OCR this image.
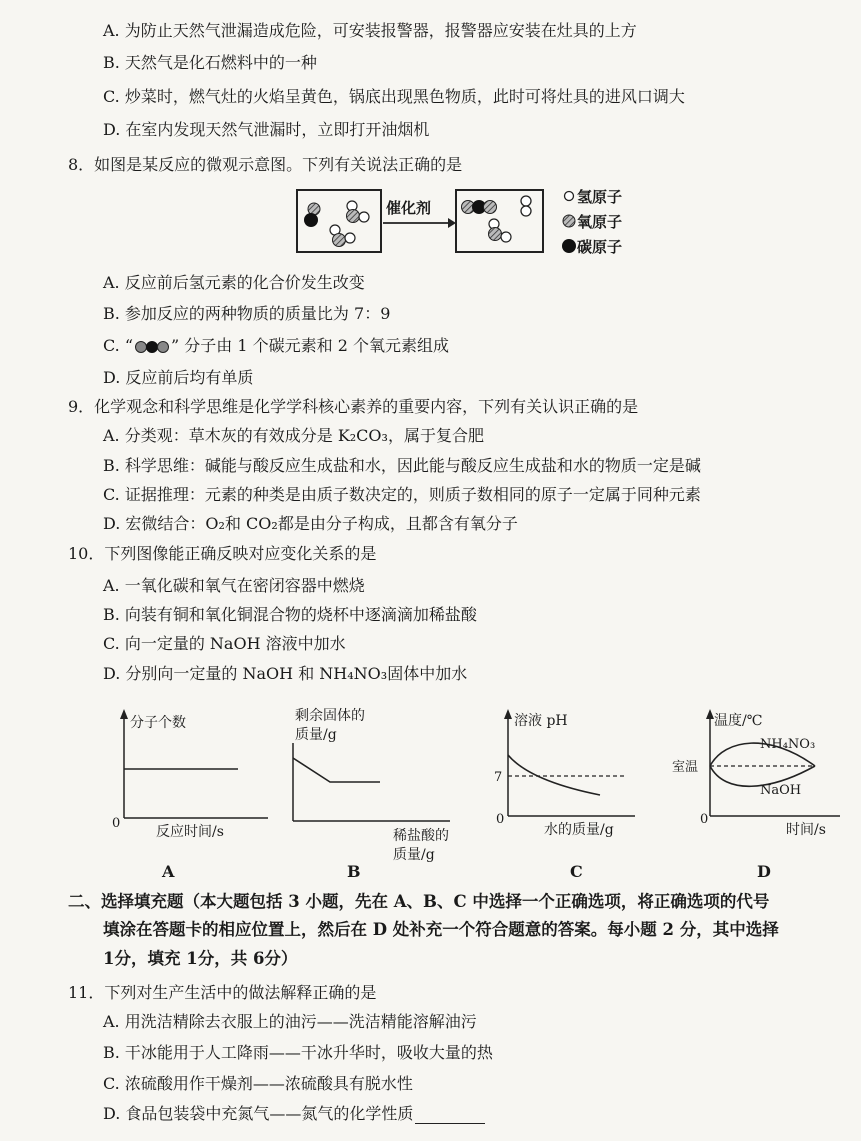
A. 为防止天然气泄漏造成危险，可安装报警器，报警器应安装在灶具的上方
B. 天然气是化石燃料中的一种
C. 炒菜时，燃气灶的火焰呈黄色，锅底出现黑色物质，此时可将灶具的进风口调大
D. 在室内发现天然气泄漏时，立即打开油烟机
8．如图是某反应的微观示意图。下列有关说法正确的是
催化剂
氢原子
氧原子
碳原子
A. 反应前后氢元素的化合价发生改变
B. 参加反应的两种物质的质量比为 7：9
C. “ ” 分子由 1 个碳元素和 2 个氧元素组成
D. 反应前后均有单质
9．化学观念和科学思维是化学学科核心素养的重要内容，下列有关认识正确的是
A. 分类观：草木灰的有效成分是 K₂CO₃，属于复合肥
B. 科学思维：碱能与酸反应生成盐和水，因此能与酸反应生成盐和水的物质一定是碱
C. 证据推理：元素的种类是由质子数决定的，则质子数相同的原子一定属于同种元素
D. 宏微结合：O₂和 CO₂都是由分子构成，且都含有氧分子
10．下列图像能正确反映对应变化关系的是
A. 一氧化碳和氧气在密闭容器中燃烧
B. 向装有铜和氧化铜混合物的烧杯中逐滴滴加稀盐酸
C. 向一定量的 NaOH 溶液中加水
D. 分别向一定量的 NaOH 和 NH₄NO₃固体中加水
分子个数
0
反应时间/s
A
剩余固体的
质量/g
稀盐酸的
质量/g
B
溶液 pH
7
0
水的质量/g
C
温度/℃
NH₄NO₃
NaOH
室温
0
时间/s
D
二、选择填充题（本大题包括 3 小题，先在 A、B、C 中选择一个正确选项，将正确选项的代号
填涂在答题卡的相应位置上，然后在 D 处补充一个符合题意的答案。每小题 2 分，其中选择
1分，填充 1分，共 6分）
11．下列对生产生活中的做法解释正确的是
A. 用洗洁精除去衣服上的油污——洗洁精能溶解油污
B. 干冰能用于人工降雨——干冰升华时，吸收大量的热
C. 浓硫酸用作干燥剂——浓硫酸具有脱水性
D. 食品包装袋中充氮气——氮气的化学性质
